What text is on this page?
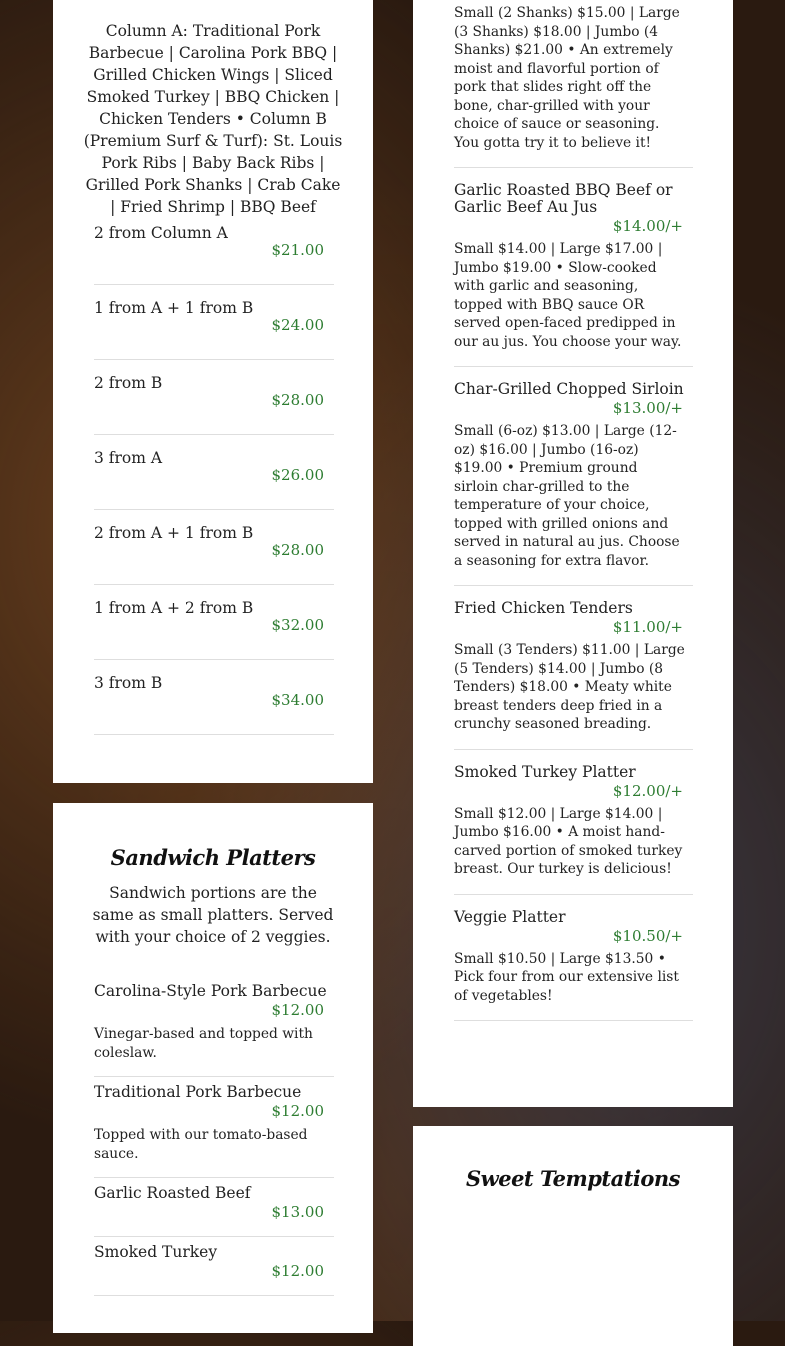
Column A: Traditional Pork Barbecue | Carolina Pork BBQ | Grilled Chicken Wings | Sliced Smoked Turkey | BBQ Chicken | Chicken Tenders • Column B (Premium Surf & Turf): St. Louis Pork Ribs | Baby Back Ribs | Grilled Pork Shanks | Crab Cake | Fried Shrimp | BBQ Beef

2 from Column A
$21.00
1 from A + 1 from B
$24.00
2 from B
$28.00
3 from A
$26.00
2 from A + 1 from B
$28.00
1 from A + 2 from B
$32.00
3 from B
$34.00
Sandwich Platters

Sandwich portions are the same as small platters. Served with your choice of 2 veggies.

Carolina-Style Pork Barbecue
$12.00
Vinegar-based and topped with coleslaw.
Traditional Pork Barbecue
$12.00
Topped with our tomato-based sauce.
Garlic Roasted Beef
$13.00
Smoked Turkey
$12.00
Small (2 Shanks) $15.00 | Large (3 Shanks) $18.00 | Jumbo (4 Shanks) $21.00 • An extremely moist and flavorful portion of pork that slides right off the bone, char-grilled with your choice of sauce or seasoning. You gotta try it to believe it!
Garlic Roasted BBQ Beef or Garlic Beef Au Jus
$14.00/+
Small $14.00 | Large $17.00 | Jumbo $19.00 • Slow-cooked with garlic and seasoning, topped with BBQ sauce OR served open-faced predipped in our au jus. You choose your way.
Char-Grilled Chopped Sirloin
$13.00/+
Small (6-oz) $13.00 | Large (12-oz) $16.00 | Jumbo (16-oz) $19.00 • Premium ground sirloin char-grilled to the temperature of your choice, topped with grilled onions and served in natural au jus. Choose a seasoning for extra flavor.
Fried Chicken Tenders
$11.00/+
Small (3 Tenders) $11.00 | Large (5 Tenders) $14.00 | Jumbo (8 Tenders) $18.00 • Meaty white breast tenders deep fried in a crunchy seasoned breading.
Smoked Turkey Platter
$12.00/+
Small $12.00 | Large $14.00 | Jumbo $16.00 • A moist hand-carved portion of smoked turkey breast. Our turkey is delicious!
Veggie Platter
$10.50/+
Small $10.50 | Large $13.50 • Pick four from our extensive list of vegetables!
Sweet Temptations
